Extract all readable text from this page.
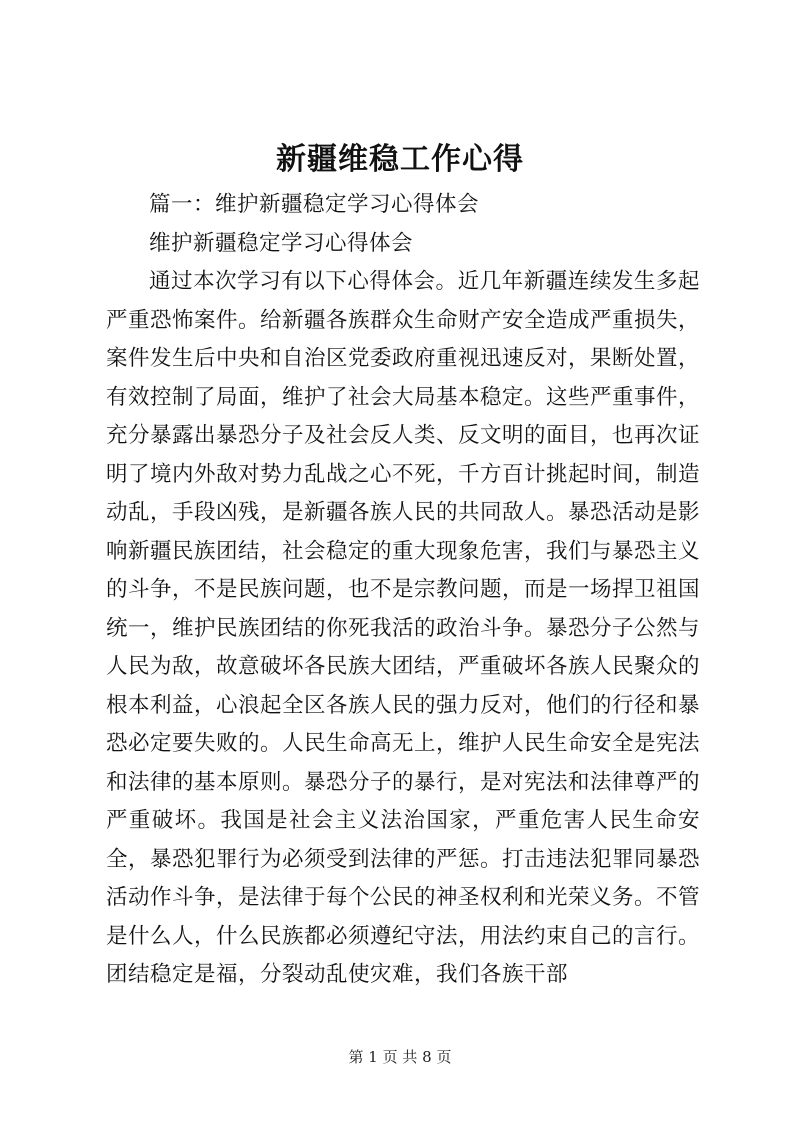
新疆维稳工作心得

篇一：维护新疆稳定学习心得体会

维护新疆稳定学习心得体会

通过本次学习有以下心得体会。近几年新疆连续发生多起严重恐怖案件。给新疆各族群众生命财产安全造成严重损失，案件发生后中央和自治区党委政府重视迅速反对，果断处置，有效控制了局面，维护了社会大局基本稳定。这些严重事件，充分暴露出暴恐分子及社会反人类、反文明的面目，也再次证明了境内外敌对势力乱战之心不死，千方百计挑起时间，制造动乱，手段凶残，是新疆各族人民的共同敌人。暴恐活动是影响新疆民族团结，社会稳定的重大现象危害，我们与暴恐主义的斗争，不是民族问题，也不是宗教问题，而是一场捍卫祖国统一，维护民族团结的你死我活的政治斗争。暴恐分子公然与人民为敌，故意破坏各民族大团结，严重破坏各族人民聚众的根本利益，心浪起全区各族人民的强力反对，他们的行径和暴恐必定要失败的。人民生命高无上，维护人民生命安全是宪法和法律的基本原则。暴恐分子的暴行，是对宪法和法律尊严的严重破坏。我国是社会主义法治国家，严重危害人民生命安全，暴恐犯罪行为必须受到法律的严惩。打击违法犯罪同暴恐活动作斗争，是法律于每个公民的神圣权利和光荣义务。不管是什么人，什么民族都必须遵纪守法，用法约束自己的言行。团结稳定是福，分裂动乱使灾难，我们各族干部

第 1 页 共 8 页
